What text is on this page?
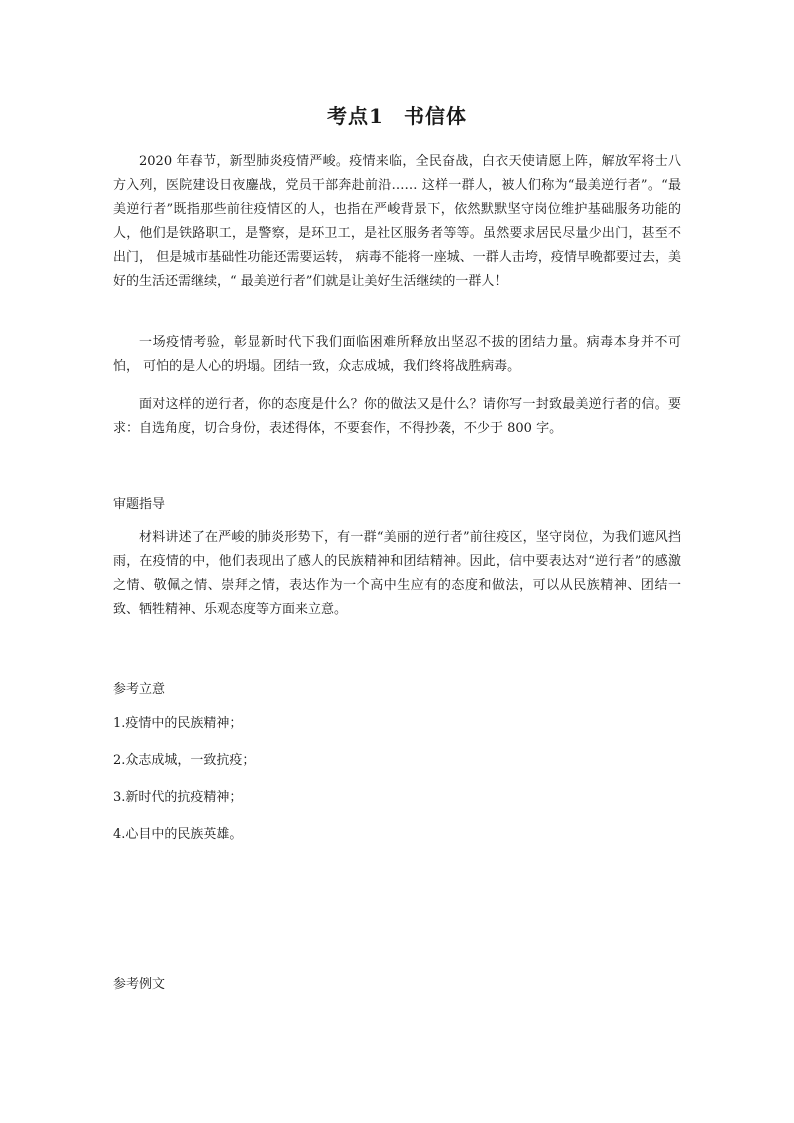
考点1 书信体

2020 年春节，新型肺炎疫情严峻。疫情来临，全民奋战，白衣天使请愿上阵，解放军将士八方入列，医院建设日夜鏖战，党员干部奔赴前沿…… 这样一群人，被人们称为“最美逆行者”。“最美逆行者”既指那些前往疫情区的人，也指在严峻背景下，依然默默坚守岗位维护基础服务功能的人，他们是铁路职工，是警察，是环卫工，是社区服务者等等。虽然要求居民尽量少出门，甚至不出门， 但是城市基础性功能还需要运转， 病毒不能将一座城、一群人击垮，疫情早晚都要过去，美好的生活还需继续，“ 最美逆行者”们就是让美好生活继续的一群人！

一场疫情考验，彰显新时代下我们面临困难所释放出坚忍不拔的团结力量。病毒本身并不可怕， 可怕的是人心的坍塌。团结一致，众志成城，我们终将战胜病毒。

面对这样的逆行者，你的态度是什么？你的做法又是什么？请你写一封致最美逆行者的信。要求：自选角度，切合身份，表述得体，不要套作，不得抄袭，不少于 800 字。

审题指导

材料讲述了在严峻的肺炎形势下，有一群“美丽的逆行者”前往疫区，坚守岗位，为我们遮风挡雨，在疫情的中，他们表现出了感人的民族精神和团结精神。因此，信中要表达对“逆行者”的感激之情、敬佩之情、崇拜之情，表达作为一个高中生应有的态度和做法，可以从民族精神、团结一致、牺牲精神、乐观态度等方面来立意。

参考立意
1.疫情中的民族精神；
2.众志成城，一致抗疫；
3.新时代的抗疫精神；
4.心目中的民族英雄。
参考例文
